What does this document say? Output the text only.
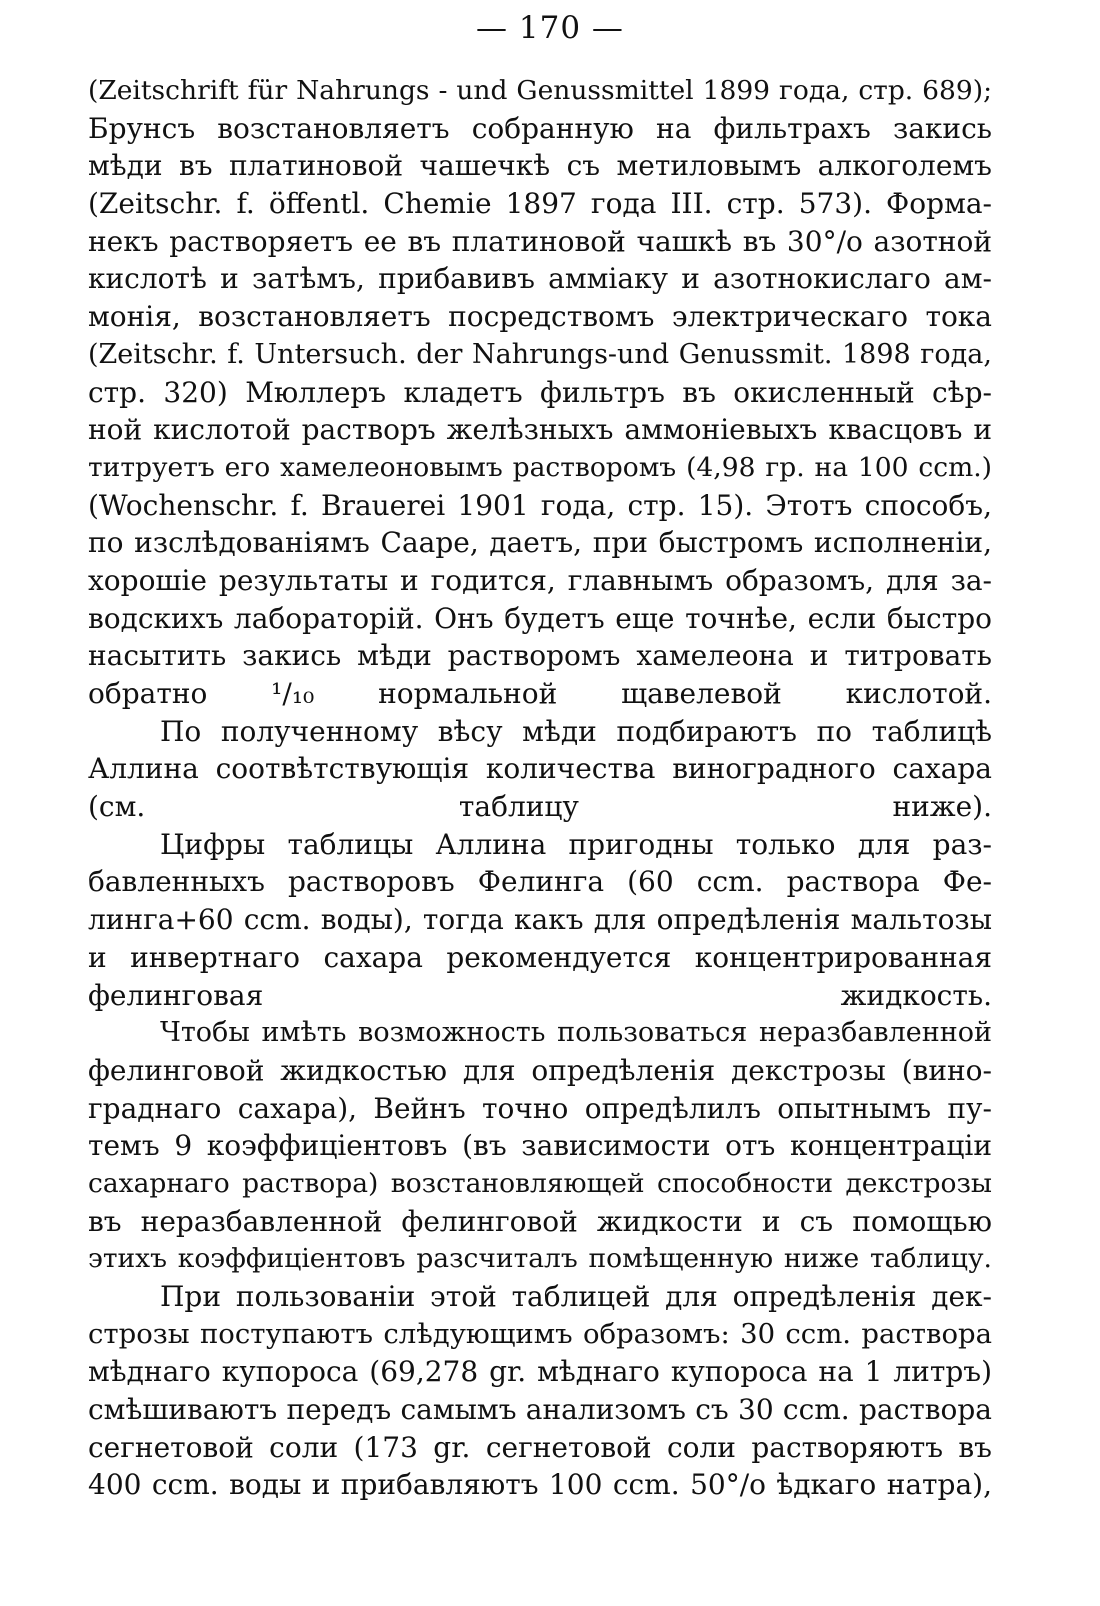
— 170 —
(Zeitschrift für Nahrungs - und Genussmittel 1899 года, стр. 689);
Брунсъ возстановляетъ собранную на фильтрахъ закись
мѣди въ платиновой чашечкѣ съ метиловымъ алкоголемъ
(Zeitschr. f. öffentl. Chemie 1897 года III. стр. 573). Форма-
некъ растворяетъ ее въ платиновой чашкѣ въ 30°/о азотной
кислотѣ и затѣмъ, прибавивъ аммiаку и азотнокислаго ам-
монія, возстановляетъ посредствомъ электрическаго тока
(Zeitschr. f. Untersuch. der Nahrungs-und Genussmit. 1898 года,
стр. 320) Мюллеръ кладетъ фильтръ въ окисленный сѣр-
ной кислотой растворъ желѣзныхъ аммоніевыхъ квасцовъ и
титруетъ его хамелеоновымъ растворомъ (4,98 гр. на 100 ccm.)
(Wochenschr. f. Brauerei 1901 года, стр. 15). Этотъ способъ,
по изслѣдованіямъ Сааре, даетъ, при быстромъ исполненіи,
хорошіе результаты и годится, главнымъ образомъ, для за-
водскихъ лабораторій. Онъ будетъ еще точнѣе, если быстро
насытить закись мѣди растворомъ хамелеона и титровать
обратно ¹/₁₀ нормальной щавелевой кислотой.
По полученному вѣсу мѣди подбираютъ по таблицѣ
Аллина соотвѣтствующія количества виноградного сахара
(см. таблицу ниже).
Цифры таблицы Аллина пригодны только для раз-
бавленныхъ растворовъ Фелинга (60 ccm. раствора Фе-
линга+60 ccm. воды), тогда какъ для опредѣленія мальтозы
и инвертнаго сахара рекомендуется концентрированная
фелинговая жидкость.
Чтобы имѣть возможность пользоваться неразбавленной
фелинговой жидкостью для опредѣленія декстрозы (вино-
граднаго сахара), Вейнъ точно опредѣлилъ опытнымъ пу-
темъ 9 коэффиціентовъ (въ зависимости отъ концентраціи
сахарнаго раствора) возстановляющей способности декстрозы
въ неразбавленной фелинговой жидкости и съ помощью
этихъ коэффиціентовъ разсчиталъ помѣщенную ниже таблицу.
При пользованіи этой таблицей для опредѣленія дек-
строзы поступаютъ слѣдующимъ образомъ: 30 ccm. раствора
мѣднаго купороса (69,278 gr. мѣднаго купороса на 1 литръ)
смѣшиваютъ передъ самымъ анализомъ съ 30 ccm. раствора
сегнетовой соли (173 gr. сегнетовой соли растворяютъ въ
400 ccm. воды и прибавляютъ 100 ccm. 50°/о ѣдкаго натра),
